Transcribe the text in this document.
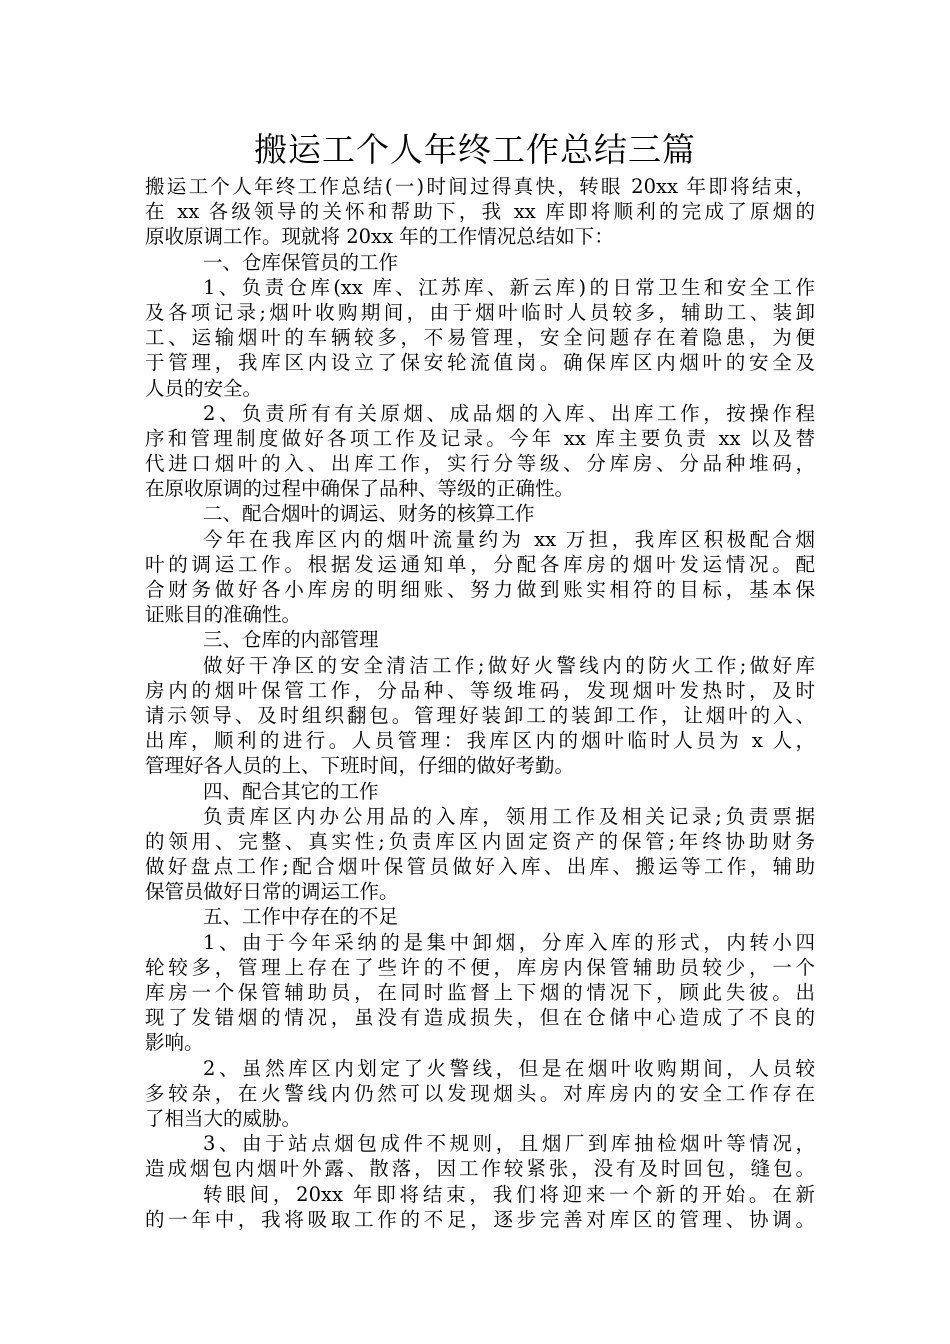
搬运工个人年终工作总结三篇
搬运工个人年终工作总结(一)时间过得真快，转眼 20xx 年即将结束，
在 xx 各级领导的关怀和帮助下，我 xx 库即将顺利的完成了原烟的
原收原调工作。现就将 20xx 年的工作情况总结如下：
一、仓库保管员的工作
1、负责仓库(xx 库、江苏库、新云库)的日常卫生和安全工作
及各项记录;烟叶收购期间，由于烟叶临时人员较多，辅助工、装卸
工、运输烟叶的车辆较多，不易管理，安全问题存在着隐患，为便
于管理，我库区内设立了保安轮流值岗。确保库区内烟叶的安全及
人员的安全。
2、负责所有有关原烟、成品烟的入库、出库工作，按操作程
序和管理制度做好各项工作及记录。今年 xx 库主要负责 xx 以及替
代进口烟叶的入、出库工作，实行分等级、分库房、分品种堆码，
在原收原调的过程中确保了品种、等级的正确性。
二、配合烟叶的调运、财务的核算工作
今年在我库区内的烟叶流量约为 xx 万担，我库区积极配合烟
叶的调运工作。根据发运通知单，分配各库房的烟叶发运情况。配
合财务做好各小库房的明细账、努力做到账实相符的目标，基本保
证账目的准确性。
三、仓库的内部管理
做好干净区的安全清洁工作;做好火警线内的防火工作;做好库
房内的烟叶保管工作，分品种、等级堆码，发现烟叶发热时，及时
请示领导、及时组织翻包。管理好装卸工的装卸工作，让烟叶的入、
出库，顺利的进行。人员管理：我库区内的烟叶临时人员为 x 人，
管理好各人员的上、下班时间，仔细的做好考勤。
四、配合其它的工作
负责库区内办公用品的入库，领用工作及相关记录;负责票据
的领用、完整、真实性;负责库区内固定资产的保管;年终协助财务
做好盘点工作;配合烟叶保管员做好入库、出库、搬运等工作，辅助
保管员做好日常的调运工作。
五、工作中存在的不足
1、由于今年采纳的是集中卸烟，分库入库的形式，内转小四
轮较多，管理上存在了些许的不便，库房内保管辅助员较少，一个
库房一个保管辅助员，在同时监督上下烟的情况下，顾此失彼。出
现了发错烟的情况，虽没有造成损失，但在仓储中心造成了不良的
影响。
2、虽然库区内划定了火警线，但是在烟叶收购期间，人员较
多较杂，在火警线内仍然可以发现烟头。对库房内的安全工作存在
了相当大的威胁。
3、由于站点烟包成件不规则，且烟厂到库抽检烟叶等情况，
造成烟包内烟叶外露、散落，因工作较紧张，没有及时回包，缝包。
转眼间，20xx 年即将结束，我们将迎来一个新的开始。在新
的一年中，我将吸取工作的不足，逐步完善对库区的管理、协调。
